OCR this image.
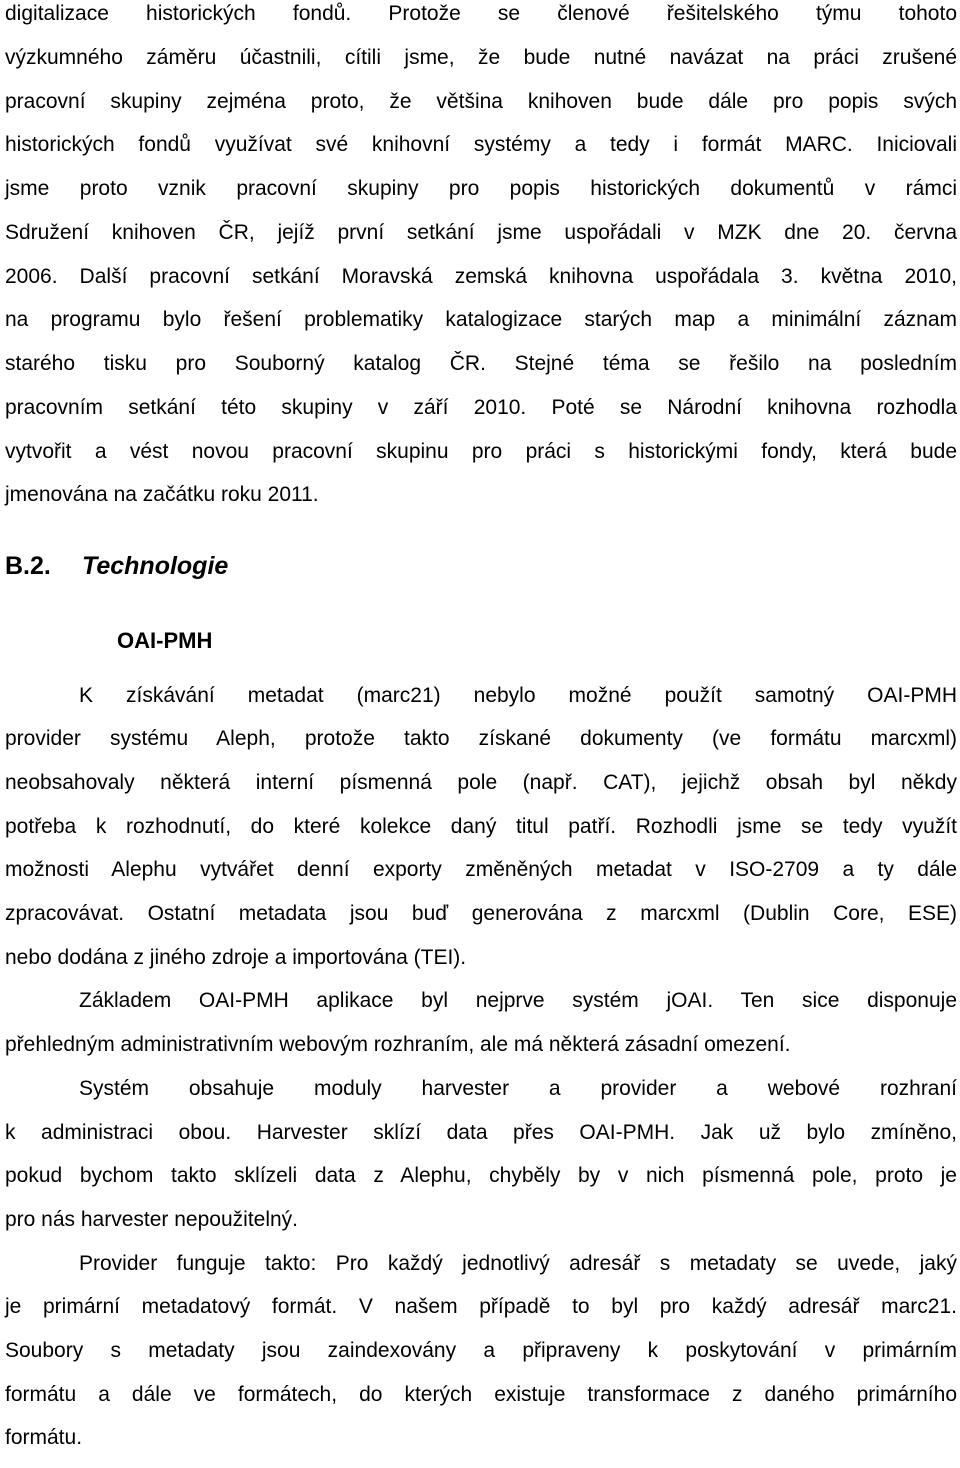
digitalizace historických fondů. Protože se členové řešitelského týmu tohoto
výzkumného záměru účastnili, cítili jsme, že bude nutné navázat na práci zrušené
pracovní skupiny zejména proto, že většina knihoven bude dále pro popis svých
historických fondů využívat své knihovní systémy a tedy i formát MARC. Iniciovali
jsme proto vznik pracovní skupiny pro popis historických dokumentů v rámci
Sdružení knihoven ČR, jejíž první setkání jsme uspořádali v MZK dne 20. června
2006. Další pracovní setkání Moravská zemská knihovna uspořádala 3. května 2010,
na programu bylo řešení problematiky katalogizace starých map a minimální záznam
starého tisku pro Souborný katalog ČR. Stejné téma se řešilo na posledním
pracovním setkání této skupiny v září 2010. Poté se Národní knihovna rozhodla
vytvořit a vést novou pracovní skupinu pro práci s historickými fondy, která bude
jmenována na začátku roku 2011.
B.2. Technologie
OAI-PMH
K získávání metadat (marc21) nebylo možné použít samotný OAI-PMH
provider systému Aleph, protože takto získané dokumenty (ve formátu marcxml)
neobsahovaly některá interní písmenná pole (např. CAT), jejichž obsah byl někdy
potřeba k rozhodnutí, do které kolekce daný titul patří. Rozhodli jsme se tedy využít
možnosti Alephu vytvářet denní exporty změněných metadat v ISO-2709 a ty dále
zpracovávat. Ostatní metadata jsou buď generována z marcxml (Dublin Core, ESE)
nebo dodána z jiného zdroje a importována (TEI).
Základem OAI-PMH aplikace byl nejprve systém jOAI. Ten sice disponuje
přehledným administrativním webovým rozhraním, ale má některá zásadní omezení.
Systém obsahuje moduly harvester a provider a webové rozhraní
k administraci obou. Harvester sklízí data přes OAI-PMH. Jak už bylo zmíněno,
pokud bychom takto sklízeli data z Alephu, chyběly by v nich písmenná pole, proto je
pro nás harvester nepoužitelný.
Provider funguje takto: Pro každý jednotlivý adresář s metadaty se uvede, jaký
je primární metadatový formát. V našem případě to byl pro každý adresář marc21.
Soubory s metadaty jsou zaindexovány a připraveny k poskytování v primárním
formátu a dále ve formátech, do kterých existuje transformace z daného primárního
formátu.
